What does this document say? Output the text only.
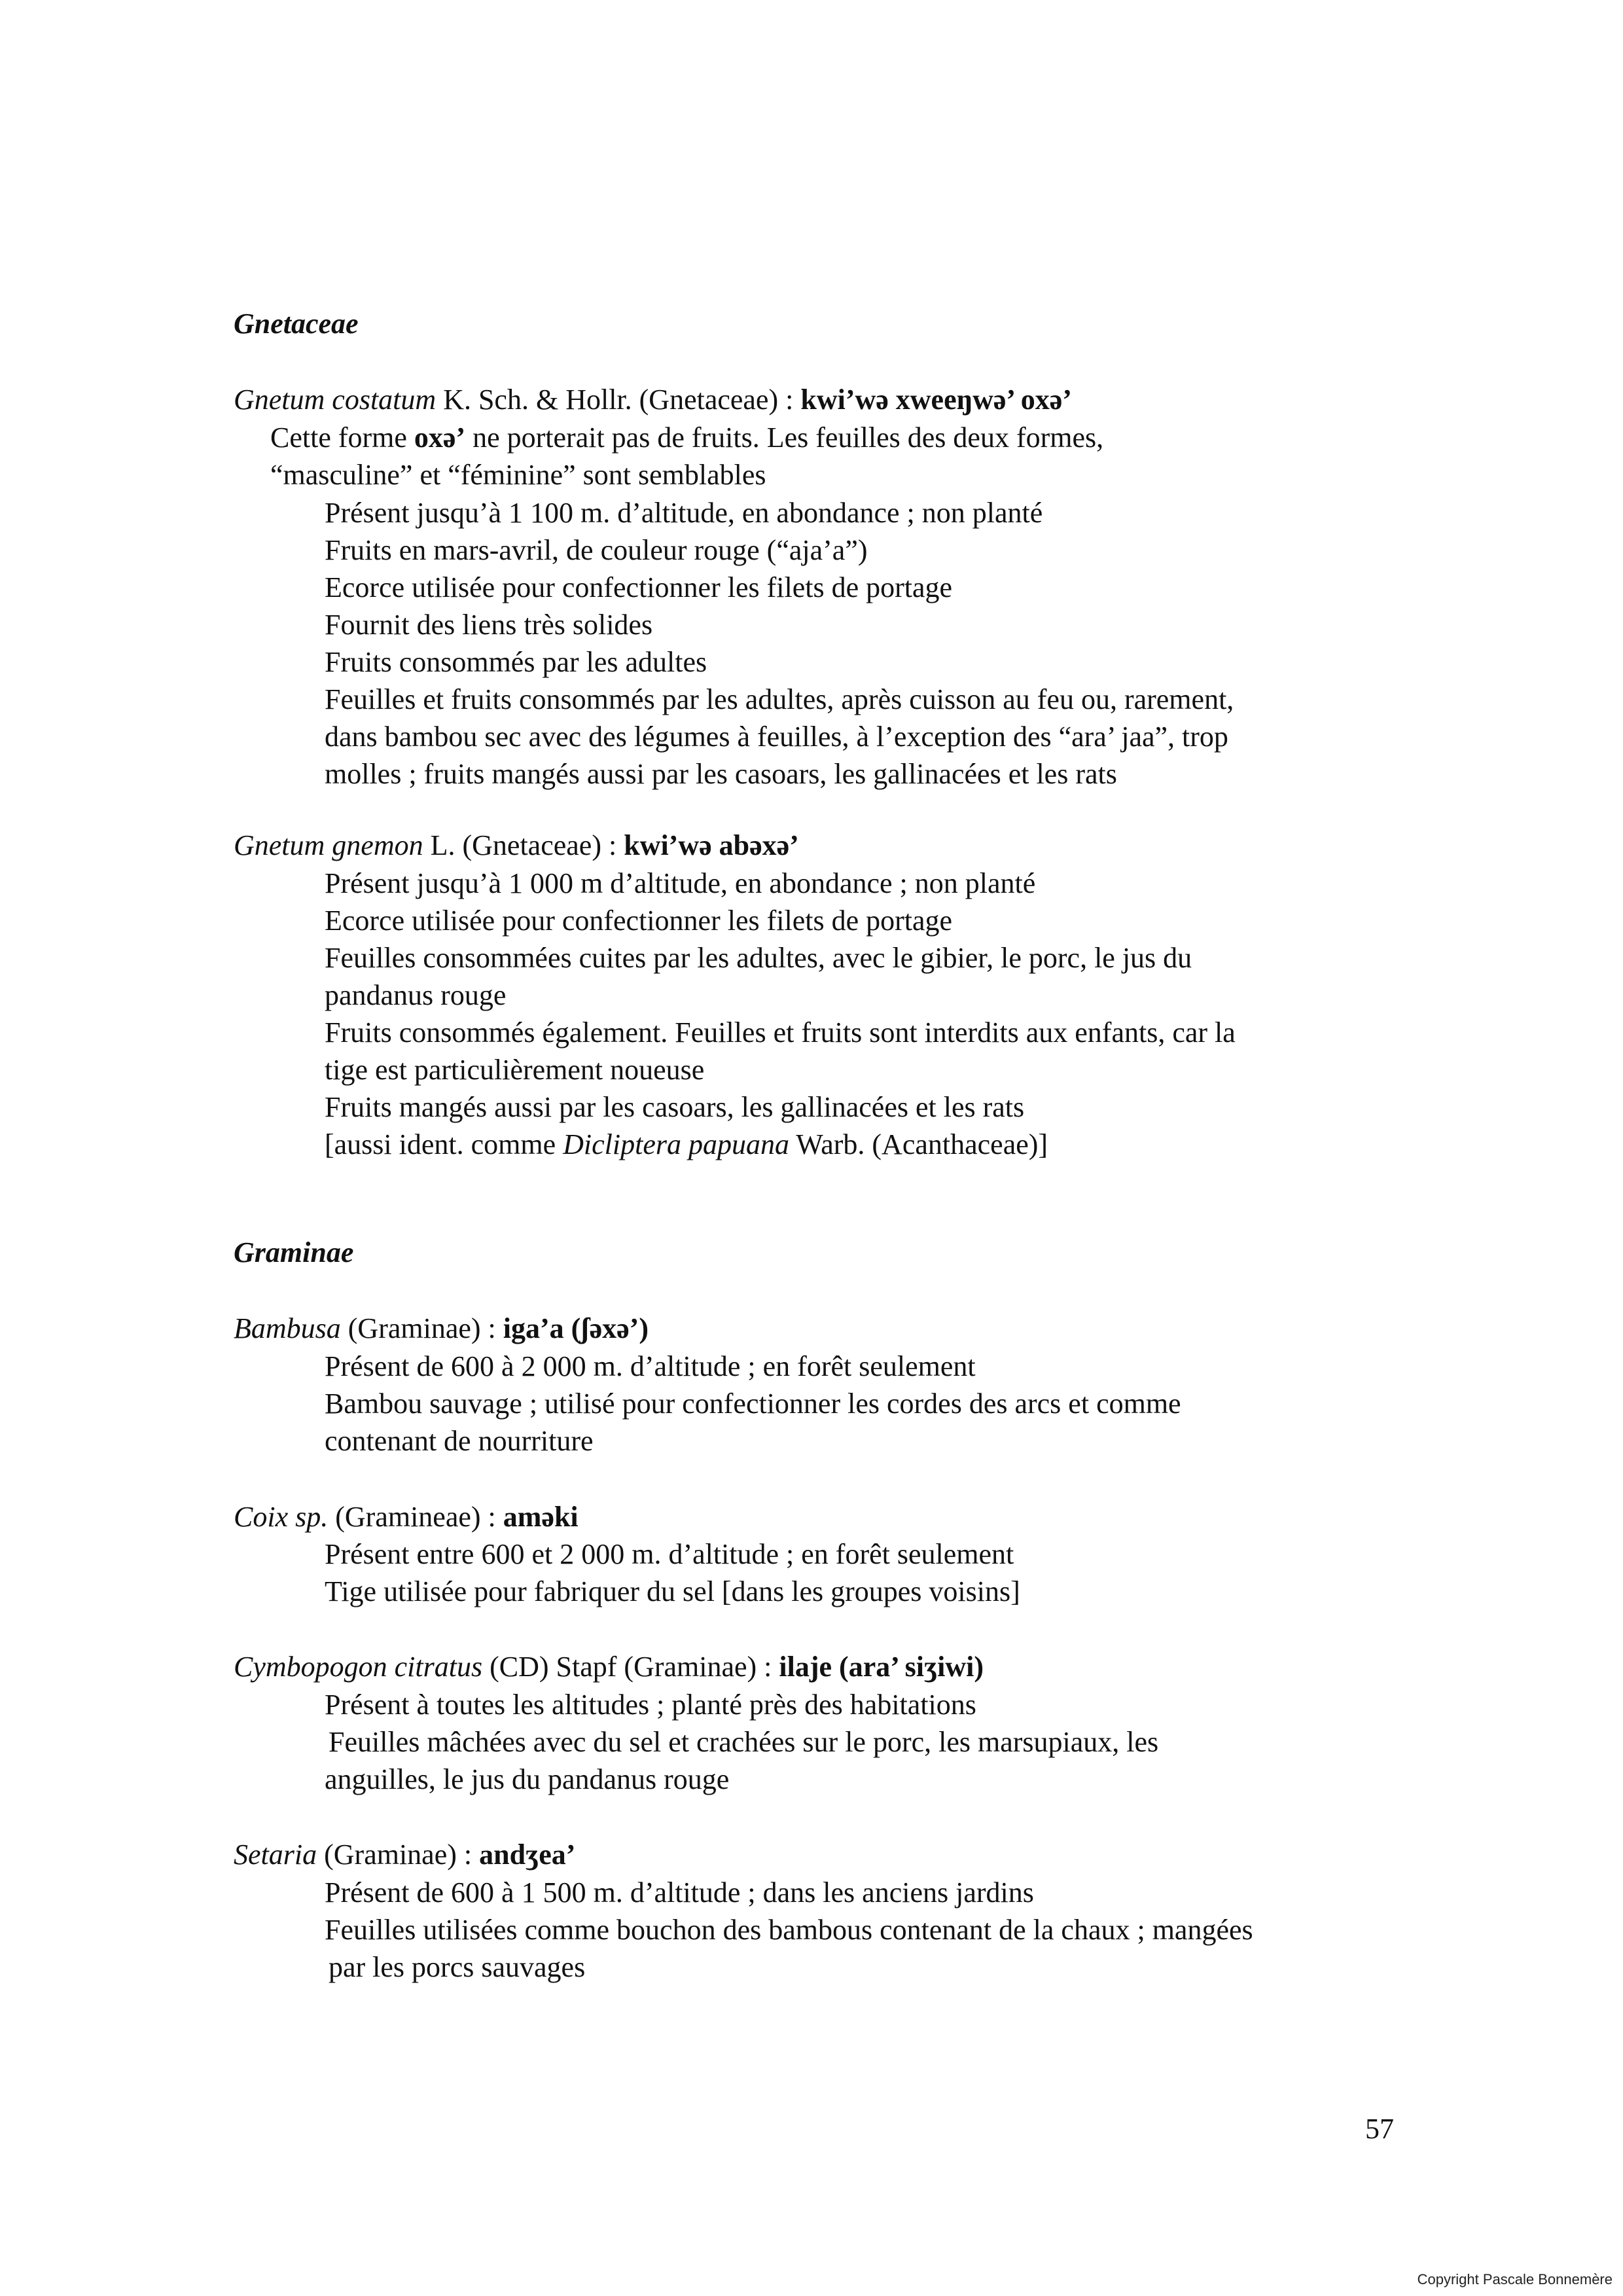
Gnetaceae
Gnetum costatum K. Sch. & Hollr. (Gnetaceae) : kwi’wə xweeŋwə’ oxə’
Cette forme oxə’ ne porterait pas de fruits. Les feuilles des deux formes,
“masculine” et “féminine” sont semblables
Présent jusqu’à 1 100 m. d’altitude, en abondance ; non planté
Fruits en mars-avril, de couleur rouge (“aja’a”)
Ecorce utilisée pour confectionner les filets de portage
Fournit des liens très solides
Fruits consommés par les adultes
Feuilles et fruits consommés par les adultes, après cuisson au feu ou, rarement,
dans bambou sec avec des légumes à feuilles, à l’exception des “ara’ jaa”, trop
molles ; fruits mangés aussi par les casoars, les gallinacées et les rats
Gnetum gnemon L. (Gnetaceae) : kwi’wə abəxə’
Présent jusqu’à 1 000 m d’altitude, en abondance ; non planté
Ecorce utilisée pour confectionner les filets de portage
Feuilles consommées cuites par les adultes, avec le gibier, le porc, le jus du
pandanus rouge
Fruits consommés également. Feuilles et fruits sont interdits aux enfants, car la
tige est particulièrement noueuse
Fruits mangés aussi par les casoars, les gallinacées et les rats
[aussi ident. comme Dicliptera papuana Warb. (Acanthaceae)]
Graminae
Bambusa (Graminae) : iga’a (ʃəxə’)
Présent de 600 à 2 000 m. d’altitude ; en forêt seulement
Bambou sauvage ; utilisé pour confectionner les cordes des arcs et comme
contenant de nourriture
Coix sp. (Gramineae) : aməki
Présent entre 600 et 2 000 m. d’altitude ; en forêt seulement
Tige utilisée pour fabriquer du sel [dans les groupes voisins]
Cymbopogon citratus (CD) Stapf (Graminae) : ilaje (ara’ siʒiwi)
Présent à toutes les altitudes ; planté près des habitations
Feuilles mâchées avec du sel et crachées sur le porc, les marsupiaux, les
anguilles, le jus du pandanus rouge
Setaria (Graminae) : andʒea’
Présent de 600 à 1 500 m. d’altitude ; dans les anciens jardins
Feuilles utilisées comme bouchon des bambous contenant de la chaux ; mangées
par les porcs sauvages
57
Copyright Pascale Bonnemère
